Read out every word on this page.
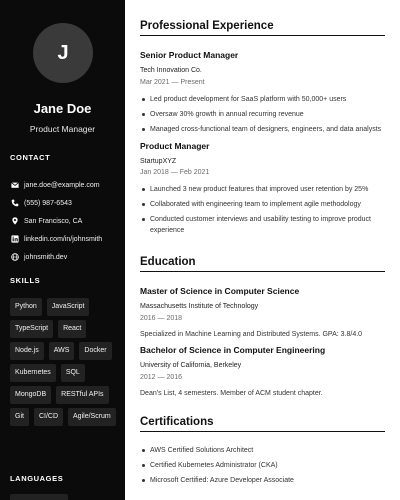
J
Jane Doe
Product Manager
CONTACT
jane.doe@example.com
(555) 987-6543
San Francisco, CA
linkedin.com/in/johnsmith
johnsmith.dev
SKILLS
Python	JavaScript
TypeScript	React
Node.js	AWS	Docker
Kubernetes	SQL
MongoDB	RESTful APIs
Git	CI/CD	Agile/Scrum
LANGUAGES
Professional Experience
Senior Product Manager
Tech Innovation Co.
Mar 2021 — Present
Led product development for SaaS platform with 50,000+ users
Oversaw 30% growth in annual recurring revenue
Managed cross-functional team of designers, engineers, and data analysts
Product Manager
StartupXYZ
Jan 2018 — Feb 2021
Launched 3 new product features that improved user retention by 25%
Collaborated with engineering team to implement agile methodology
Conducted customer interviews and usability testing to improve product experience
Education
Master of Science in Computer Science
Massachusetts Institute of Technology
2016 — 2018
Specialized in Machine Learning and Distributed Systems. GPA: 3.8/4.0
Bachelor of Science in Computer Engineering
University of California, Berkeley
2012 — 2016
Dean's List, 4 semesters. Member of ACM student chapter.
Certifications
AWS Certified Solutions Architect
Certified Kubernetes Administrator (CKA)
Microsoft Certified: Azure Developer Associate
